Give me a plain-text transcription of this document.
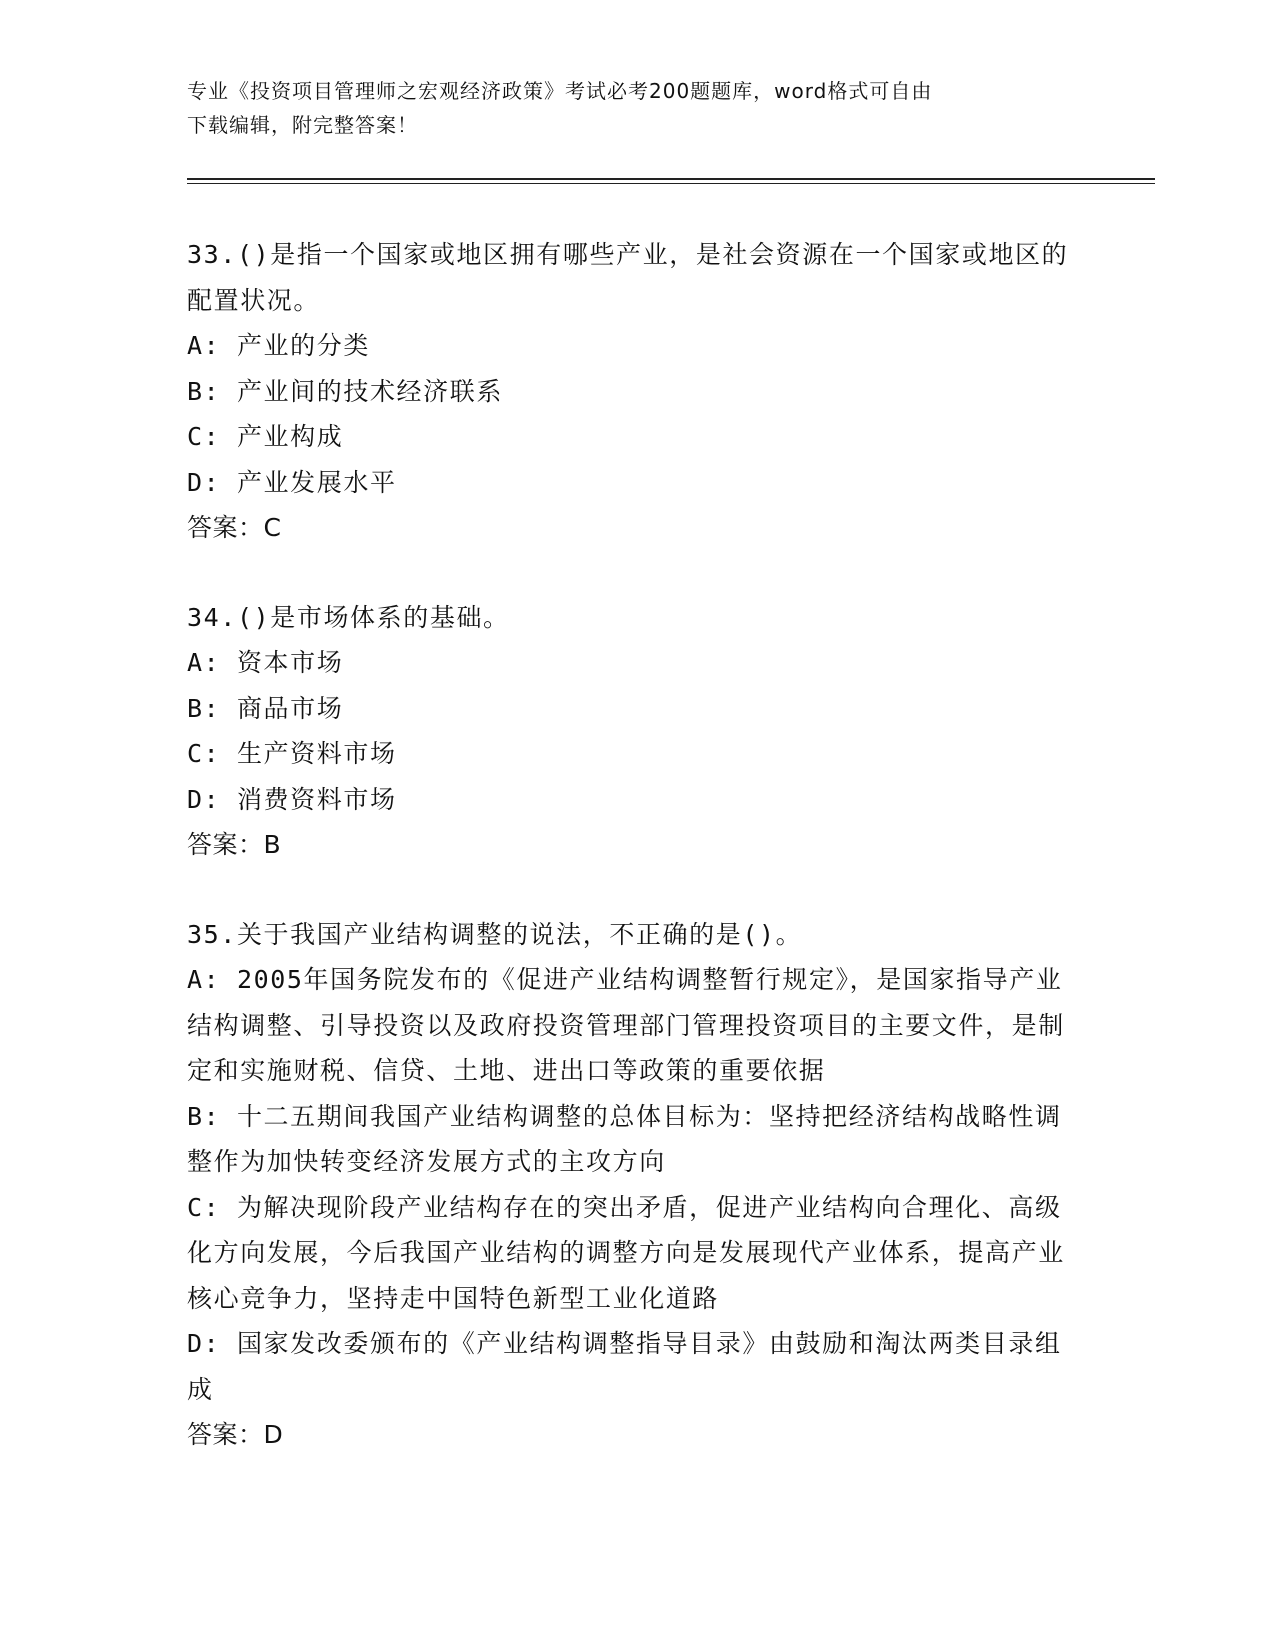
专业《投资项目管理师之宏观经济政策》考试必考200题题库，word格式可自由
下载编辑，附完整答案！

33.()是指一个国家或地区拥有哪些产业，是社会资源在一个国家或地区的配置状况。

A: 产业的分类

B: 产业间的技术经济联系

C: 产业构成

D: 产业发展水平

答案：C

34.()是市场体系的基础。

A: 资本市场

B: 商品市场

C: 生产资料市场

D: 消费资料市场

答案：B

35.关于我国产业结构调整的说法，不正确的是()。

A: 2005年国务院发布的《促进产业结构调整暂行规定》，是国家指导产业结构调整、引导投资以及政府投资管理部门管理投资项目的主要文件，是制定和实施财税、信贷、土地、进出口等政策的重要依据

B: 十二五期间我国产业结构调整的总体目标为：坚持把经济结构战略性调整作为加快转变经济发展方式的主攻方向

C: 为解决现阶段产业结构存在的突出矛盾，促进产业结构向合理化、高级化方向发展，今后我国产业结构的调整方向是发展现代产业体系，提高产业核心竞争力，坚持走中国特色新型工业化道路

D: 国家发改委颁布的《产业结构调整指导目录》由鼓励和淘汰两类目录组成

答案：D
